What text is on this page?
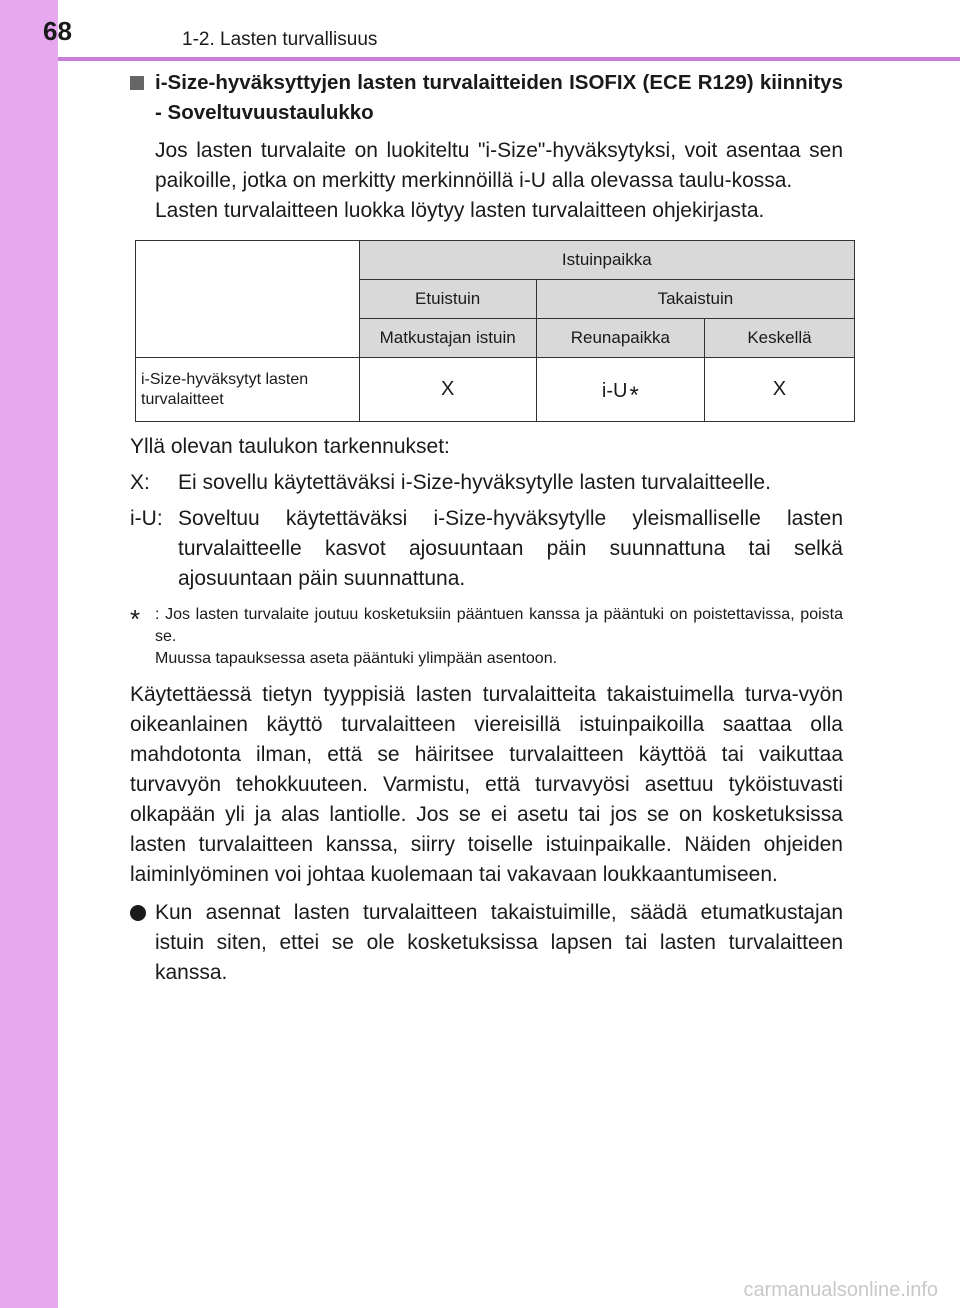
68	1-2. Lasten turvallisuus
i-Size-hyväksyttyjen lasten turvalaitteiden ISOFIX (ECE R129) kiinnitys - Soveltuvuustaulukko

Jos lasten turvalaite on luokiteltu "i-Size"-hyväksytyksi, voit asentaa sen paikoille, jotka on merkitty merkinnöillä i-U alla olevassa taulu-kossa.

Lasten turvalaitteen luokka löytyy lasten turvalaitteen ohjekirjasta.

	Istuinpaikka		
	Etuistuin	Takaistuin	
	Matkustajan istuin	Reunapaikka	Keskellä
i-Size-hyväksytyt lasten turvalaitteet	X	i-U*	X
Yllä olevan taulukon tarkennukset:
X:	Ei sovellu käytettäväksi i-Size-hyväksytylle lasten turvalaitteelle.
i-U: Soveltuu käytettäväksi i-Size-hyväksytylle yleismalliselle lasten turvalaitteelle kasvot ajosuuntaan päin suunnattuna tai selkä ajosuuntaan päin suunnattuna.
* : Jos lasten turvalaite joutuu kosketuksiin pääntuen kanssa ja pääntuki on poistettavissa, poista se.
Muussa tapauksessa aseta pääntuki ylimpään asentoon.

Käytettäessä tietyn tyyppisiä lasten turvalaitteita takaistuimella turva-vyön oikeanlainen käyttö turvalaitteen viereisillä istuinpaikoilla saattaa olla mahdotonta ilman, että se häiritsee turvalaitteen käyttöä tai vaikuttaa turvavyön tehokkuuteen. Varmistu, että turvavyösi asettuu tyköistuvasti olkapään yli ja alas lantiolle. Jos se ei asetu tai jos se on kosketuksissa lasten turvalaitteen kanssa, siirry toiselle istuinpaikalle. Näiden ohjeiden laiminlyöminen voi johtaa kuolemaan tai vakavaan loukkaantumiseen.

Kun asennat lasten turvalaitteen takaistuimille, säädä etumatkustajan istuin siten, ettei se ole kosketuksissa lapsen tai lasten turvalaitteen kanssa.
carmanualsonline.info
